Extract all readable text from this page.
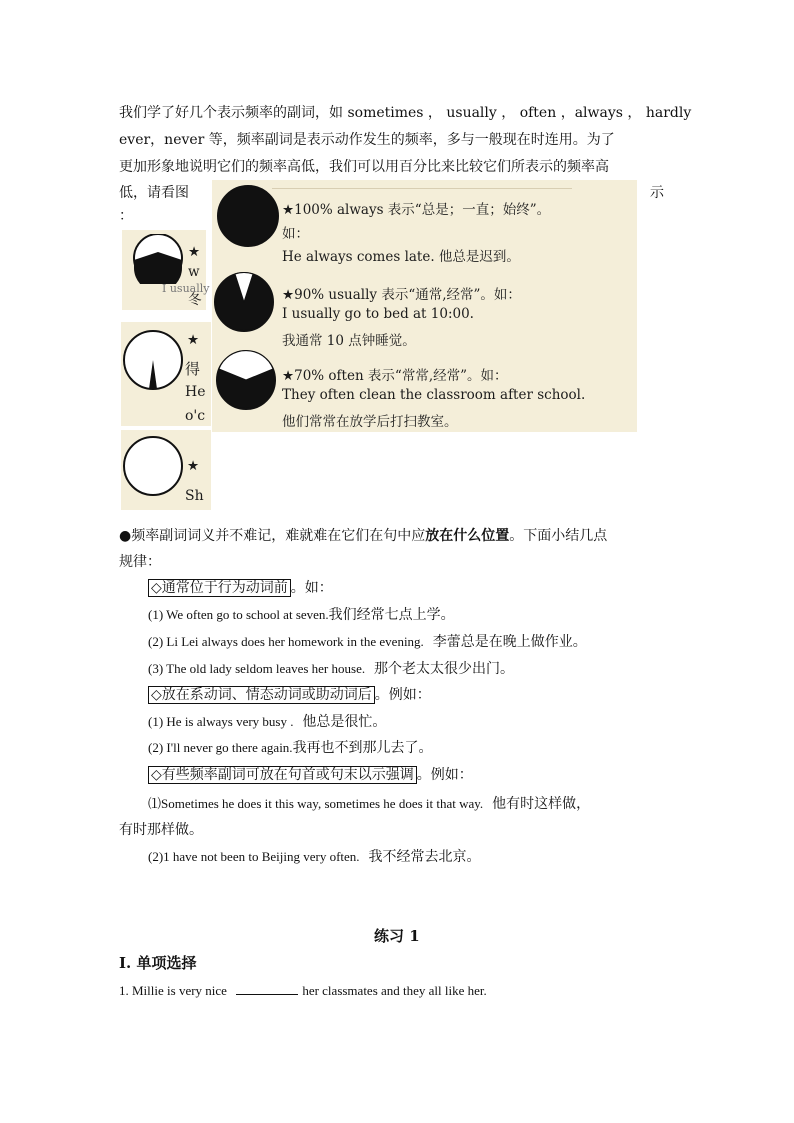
我们学了好几个表示频率的副词，如 sometimes ， usually ， often ，always ， hardly
ever，never 等，频率副词是表示动作发生的频率，多与一般现在时连用。为了
更加形象地说明它们的频率高低，我们可以用百分比来比较它们所表示的频率高
低，请看图	示
：
★
w
I usually
冬
★
得
He
o'c
★
Sh
★100% always 表示“总是；一直；始终”。
如：
He always comes late. 他总是迟到。
★90% usually 表示“通常,经常”。如：
I usually go to bed at 10:00.
我通常 10 点钟睡觉。
★70% often 表示“常常,经常”。如：
They often clean the classroom after school.
他们常常在放学后打扫教室。
●频率副词词义并不难记，难就难在它们在句中应放在什么位置。下面小结几点
规律：
◇通常位于行为动词前 。如：
(1) We often go to school at seven.我们经常七点上学。
(2) Li Lei always does her homework in the evening. 李蕾总是在晚上做作业。
(3) The old lady seldom leaves her house. 那个老太太很少出门。
◇放在系动词、情态动词或助动词后 。例如：
(1) He is always very busy . 他总是很忙。
(2) I'll never go there again.我再也不到那儿去了。
◇有些频率副词可放在句首或句末以示强调 。例如：
⑴Sometimes he does it this way, sometimes he does it that way. 他有时这样做，
有时那样做。
(2)1 have not been to Beijing very often. 我不经常去北京。
练习 1
I. 单项选择
1. Millie is very nice	her classmates and they all like her.
